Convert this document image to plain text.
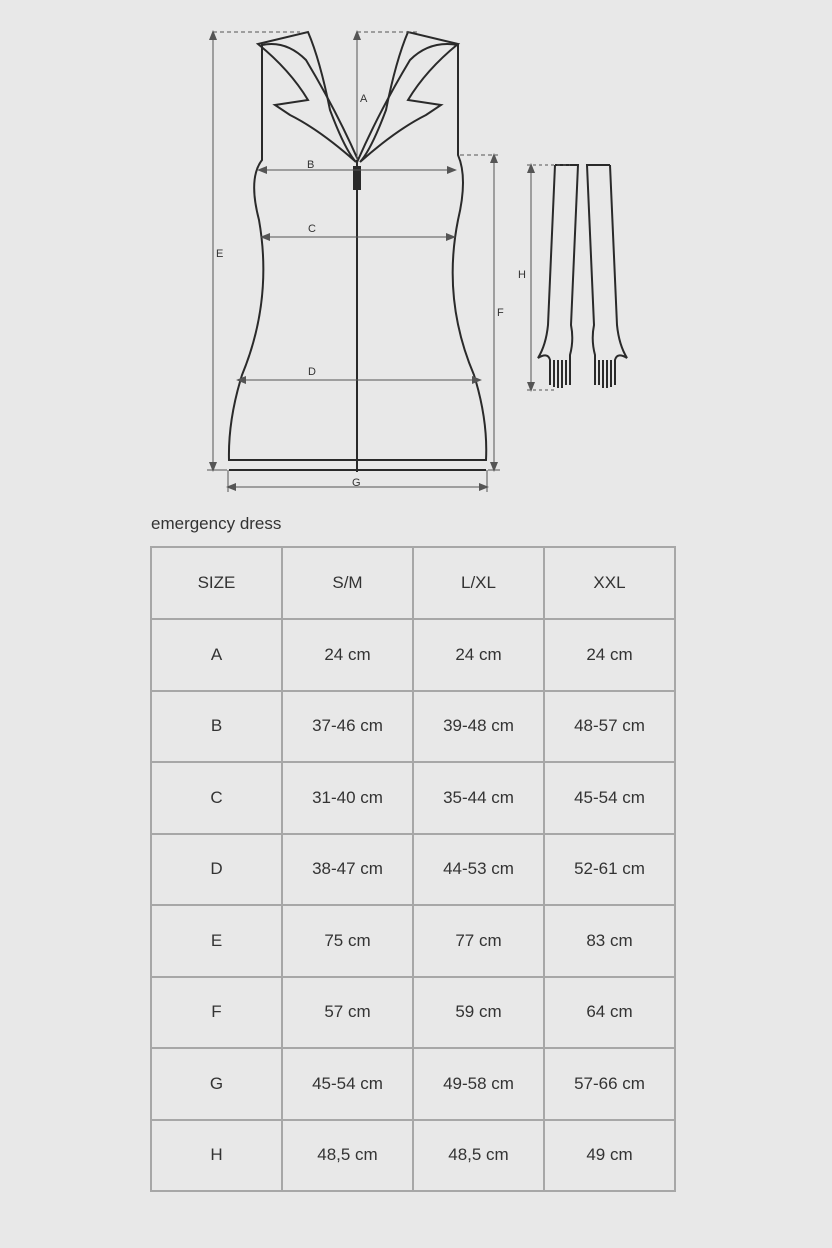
A
B
C
D
E
F
G
H
emergency dress
SIZE	S/M	L/XL	XXL
A	24 cm	24 cm	24 cm
B	37-46 cm	39-48 cm	48-57 cm
C	31-40 cm	35-44 cm	45-54 cm
D	38-47 cm	44-53 cm	52-61 cm
E	75 cm	77 cm	83 cm
F	57 cm	59 cm	64 cm
G	45-54 cm	49-58 cm	57-66 cm
H	48,5 cm	48,5 cm	49 cm
